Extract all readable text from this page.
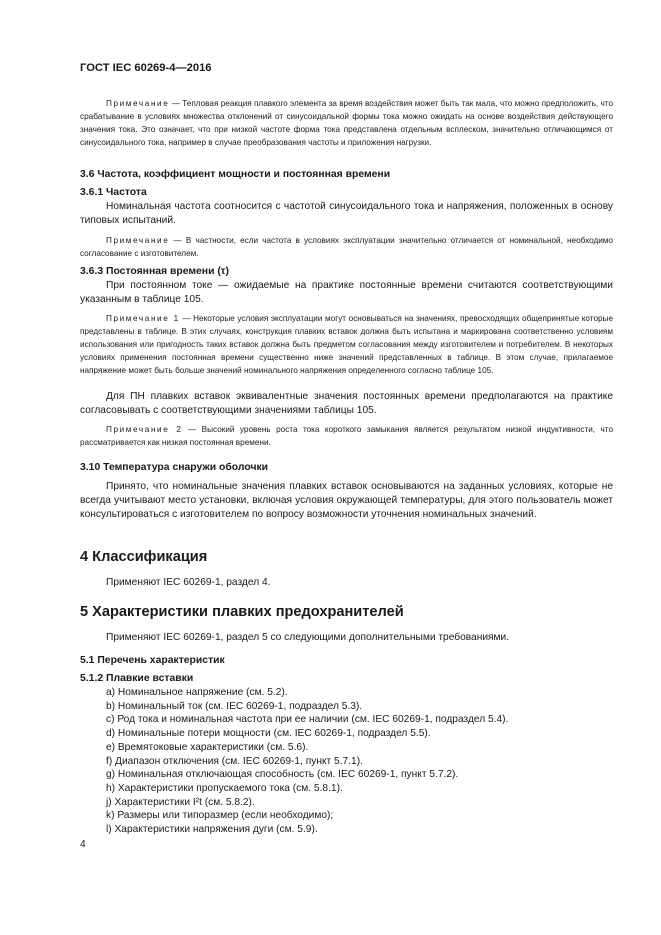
ГОСТ IEC 60269-4—2016
Примечание — Тепловая реакция плавкого элемента за время воздействия может быть так мала, что можно предположить, что срабатывание в условиях множества отклонений от синусоидальной формы тока можно ожидать на основе воздействия действующего значения тока. Это означает, что при низкой частоте форма тока представлена отдельным всплеском, значительно отличающимся от синусоидального тока, например в случае преобразования частоты и приложения нагрузки.
3.6 Частота, коэффициент мощности и постоянная времени
3.6.1 Частота
Номинальная частота соотносится с частотой синусоидального тока и напряжения, положенных в основу типовых испытаний.
Примечание — В частности, если частота в условиях эксплуатации значительно отличается от номинальной, необходимо согласование с изготовителем.
3.6.3 Постоянная времени (τ)
При постоянном токе — ожидаемые на практике постоянные времени считаются соответствующими указанным в таблице 105.
Примечание 1 — Некоторые условия эксплуатации могут основываться на значениях, превосходящих общепринятые которые представлены в таблице. В этих случаях, конструкция плавких вставок должна быть испытана и маркирована соответственно условиям использования или пригодность таких вставок должна быть предметом согласования между изготовителем и потребителем. В некоторых условиях применения постоянная времени существенно ниже значений представленных в таблице. В этом случае, прилагаемое напряжение может быть больше значений номинального напряжения определенного согласно таблице 105.
Для ПН плавких вставок эквивалентные значения постоянных времени предполагаются на практике согласовывать с соответствующими значениями таблицы 105.
Примечание 2 — Высокий уровень роста тока короткого замыкания является результатом низкой индуктивности, что рассматривается как низкая постоянная времени.
3.10 Температура снаружи оболочки
Принято, что номинальные значения плавких вставок основываются на заданных условиях, которые не всегда учитывают место установки, включая условия окружающей температуры, для этого пользователь может консультироваться с изготовителем по вопросу возможности уточнения номинальных значений.
4 Классификация
Применяют IEC 60269-1, раздел 4.
5 Характеристики плавких предохранителей
Применяют IEC 60269-1, раздел 5 со следующими дополнительными требованиями.
5.1 Перечень характеристик
5.1.2 Плавкие вставки
a) Номинальное напряжение (см. 5.2).
b) Номинальный ток (см. IEC 60269-1, подраздел 5.3).
c) Род тока и номинальная частота при ее наличии (см. IEC 60269-1, подраздел 5.4).
d) Номинальные потери мощности (см. IEC 60269-1, подраздел 5.5).
e) Времятоковые характеристики (см. 5.6).
f) Диапазон отключения (см. IEC 60269-1, пункт 5.7.1).
g) Номинальная отключающая способность (см. IEC 60269-1, пункт 5.7.2).
h) Характеристики пропускаемого тока (см. 5.8.1).
j) Характеристики I²t (см. 5.8.2).
k) Размеры или типоразмер (если необходимо);
l) Характеристики напряжения дуги (см. 5.9).
4
